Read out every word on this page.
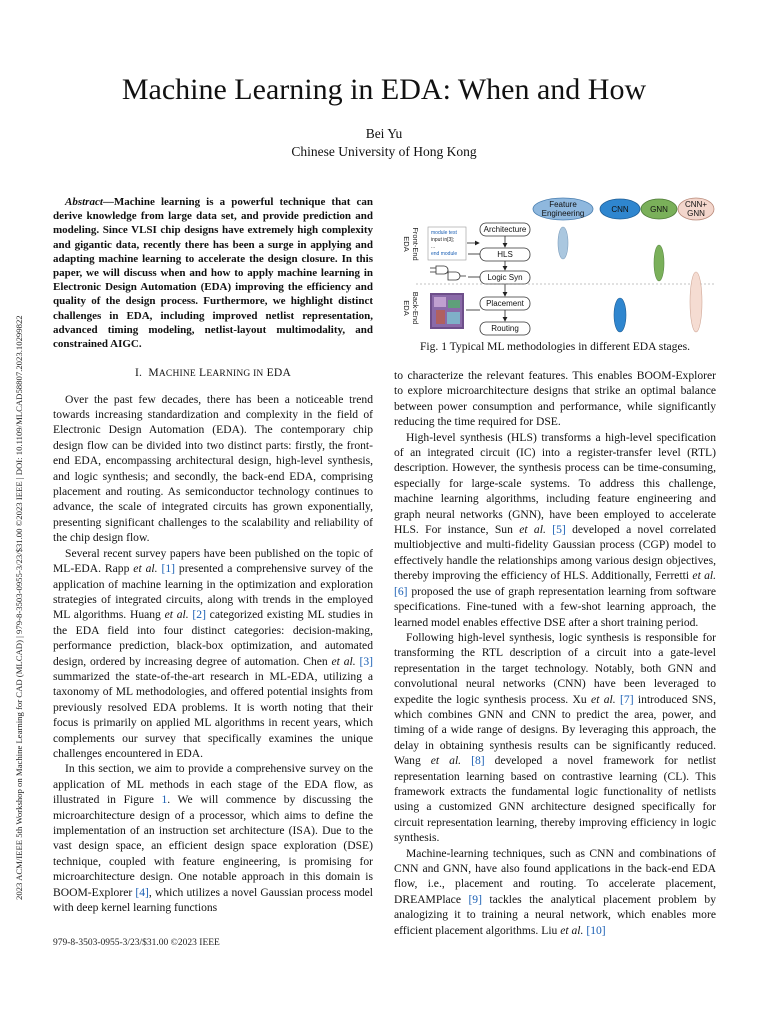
Machine Learning in EDA: When and How
Bei Yu
Chinese University of Hong Kong
2023 ACM/IEEE 5th Workshop on Machine Learning for CAD (MLCAD) | 979-8-3503-0955-3/23/$31.00 ©2023 IEEE | DOI: 10.1109/MLCAD58807.2023.10299822

Abstract—Machine learning is a powerful technique that can derive knowledge from large data set, and provide prediction and modeling. Since VLSI chip designs have extremely high complexity and gigantic data, recently there has been a surge in applying and adapting machine learning to accelerate the design closure. In this paper, we will discuss when and how to apply machine learning in Electronic Design Automation (EDA) improving the efficiency and quality of the design process. Furthermore, we highlight distinct challenges in EDA, including improved netlist representation, advanced timing modeling, netlist-layout multimodality, and constrained AIGC.

I. MACHINE LEARNING IN EDA

Over the past few decades, there has been a noticeable trend towards increasing standardization and complexity in the field of Electronic Design Automation (EDA). The contemporary chip design flow can be divided into two distinct parts: firstly, the front-end EDA, encompassing architectural design, high-level synthesis, and logic synthesis; and secondly, the back-end EDA, comprising placement and routing. As semiconductor technology continues to advance, the scale of integrated circuits has grown exponentially, presenting significant challenges to the scalability and reliability of the chip design flow.

Several recent survey papers have been published on the topic of ML-EDA. Rapp et al. [1] presented a comprehensive survey of the application of machine learning in the optimization and exploration strategies of integrated circuits, along with trends in the employed ML algorithms. Huang et al. [2] categorized existing ML studies in the EDA field into four distinct categories: decision-making, performance prediction, black-box optimization, and automated design, ordered by increasing degree of automation. Chen et al. [3] summarized the state-of-the-art research in ML-EDA, utilizing a taxonomy of ML methodologies, and offered potential insights from previously resolved EDA problems. It is worth noting that their focus is primarily on applied ML algorithms in recent years, which complements our survey that specifically examines the unique challenges encountered in EDA.

In this section, we aim to provide a comprehensive survey on the application of ML methods in each stage of the EDA flow, as illustrated in Figure 1. We will commence by discussing the microarchitecture design of a processor, which aims to define the implementation of an instruction set architecture (ISA). Due to the vast design space, an efficient design space exploration (DSE) technique, coupled with feature engineering, is promising for microarchitecture design. One notable approach in this domain is BOOM-Explorer [4], which utilizes a novel Gaussian process model with deep kernel learning functions

979-8-3503-0955-3/23/$31.00 ©2023 IEEE
Feature
Engineering	CNN	GNN
CNN+
GNN
EDA Front-End
EDA Back-End
module test
input in[3];
...
end module
Architecture
HLS
Logic Syn
Placement
Routing
Fig. 1 Typical ML methodologies in different EDA stages.

to characterize the relevant features. This enables BOOM-Explorer to explore microarchitecture designs that strike an optimal balance between power consumption and performance, while significantly reducing the time required for DSE.

High-level synthesis (HLS) transforms a high-level specification of an integrated circuit (IC) into a register-transfer level (RTL) description. However, the synthesis process can be time-consuming, especially for large-scale systems. To address this challenge, machine learning algorithms, including feature engineering and graph neural networks (GNN), have been employed to accelerate HLS. For instance, Sun et al. [5] developed a novel correlated multiobjective and multi-fidelity Gaussian process (CGP) model to effectively handle the relationships among various design objectives, thereby improving the efficiency of HLS. Additionally, Ferretti et al. [6] proposed the use of graph representation learning from software specifications. Fine-tuned with a few-shot learning approach, the learned model enables effective DSE after a short training period.

Following high-level synthesis, logic synthesis is responsible for transforming the RTL description of a circuit into a gate-level representation in the target technology. Notably, both GNN and convolutional neural networks (CNN) have been leveraged to expedite the logic synthesis process. Xu et al. [7] introduced SNS, which combines GNN and CNN to predict the area, power, and timing of a wide range of designs. By leveraging this approach, the delay in obtaining synthesis results can be significantly reduced. Wang et al. [8] developed a novel framework for netlist representation learning based on contrastive learning (CL). This framework extracts the fundamental logic functionality of netlists using a customized GNN architecture designed specifically for circuit representation learning, thereby improving efficiency in logic synthesis.

Machine-learning techniques, such as CNN and combinations of CNN and GNN, have also found applications in the back-end EDA flow, i.e., placement and routing. To accelerate placement, DREAMPlace [9] tackles the analytical placement problem by analogizing it to training a neural network, which enables more efficient placement algorithms. Liu et al. [10]
